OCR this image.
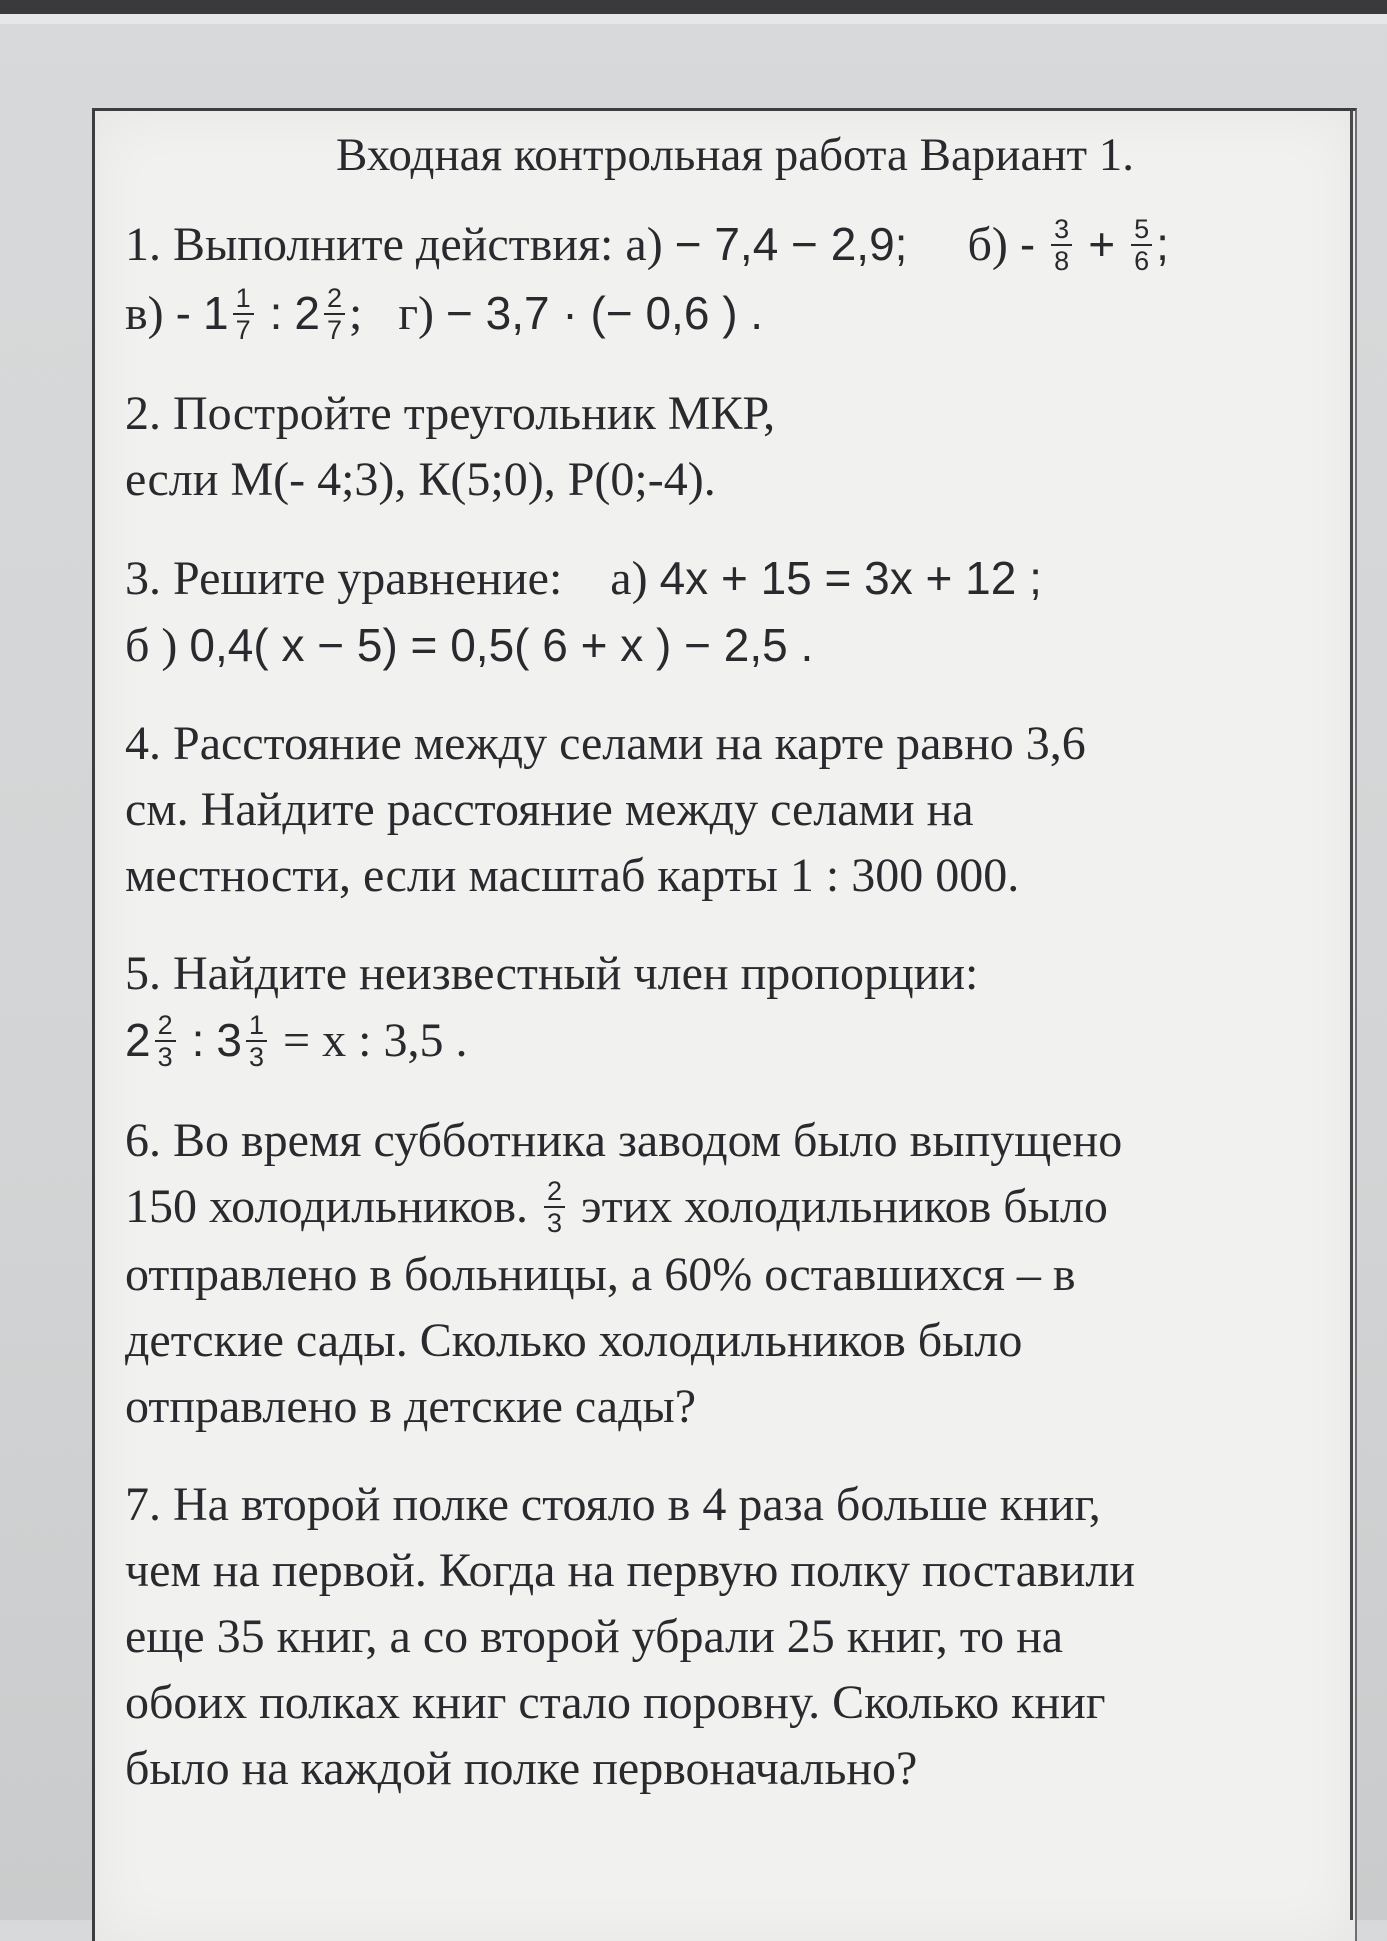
Входная контрольная работа Вариант 1.
1. Выполните действия: а) − 7,4 − 2,9; $б) - \frac{3}{8} + \frac{5}{6}$ ;
$в) - 1 \frac{1}{7}$ : $2 \frac{2}{7}$ ; г) − 3,7 · (− 0,6 ) .
2. Постройте треугольник МКР,
если М(- 4;3), К(5;0), Р(0;-4).
3. Решите уравнение: а) 4x + 15 = 3x + 12 ;
б ) 0,4( x − 5) = 0,5( 6 + x ) − 2,5 .
4. Расстояние между селами на карте равно 3,6
см. Найдите расстояние между селами на
местности, если масштаб карты 1 : 300 000.
5. Найдите неизвестный член пропорции:
$2 \frac{2}{3}$ : $3 \frac{1}{3} = x$ : 3,5 .
6. Во время субботника заводом было выпущено
150 холодильников. $\frac{2}{3}$ этих холодильников было
отправлено в больницы, а 60% оставшихся – в
детские сады. Сколько холодильников было
отправлено в детские сады?
7. На второй полке стояло в 4 раза больше книг,
чем на первой. Когда на первую полку поставили
еще 35 книг, а со второй убрали 25 книг, то на
обоих полках книг стало поровну. Сколько книг
было на каждой полке первоначально?
